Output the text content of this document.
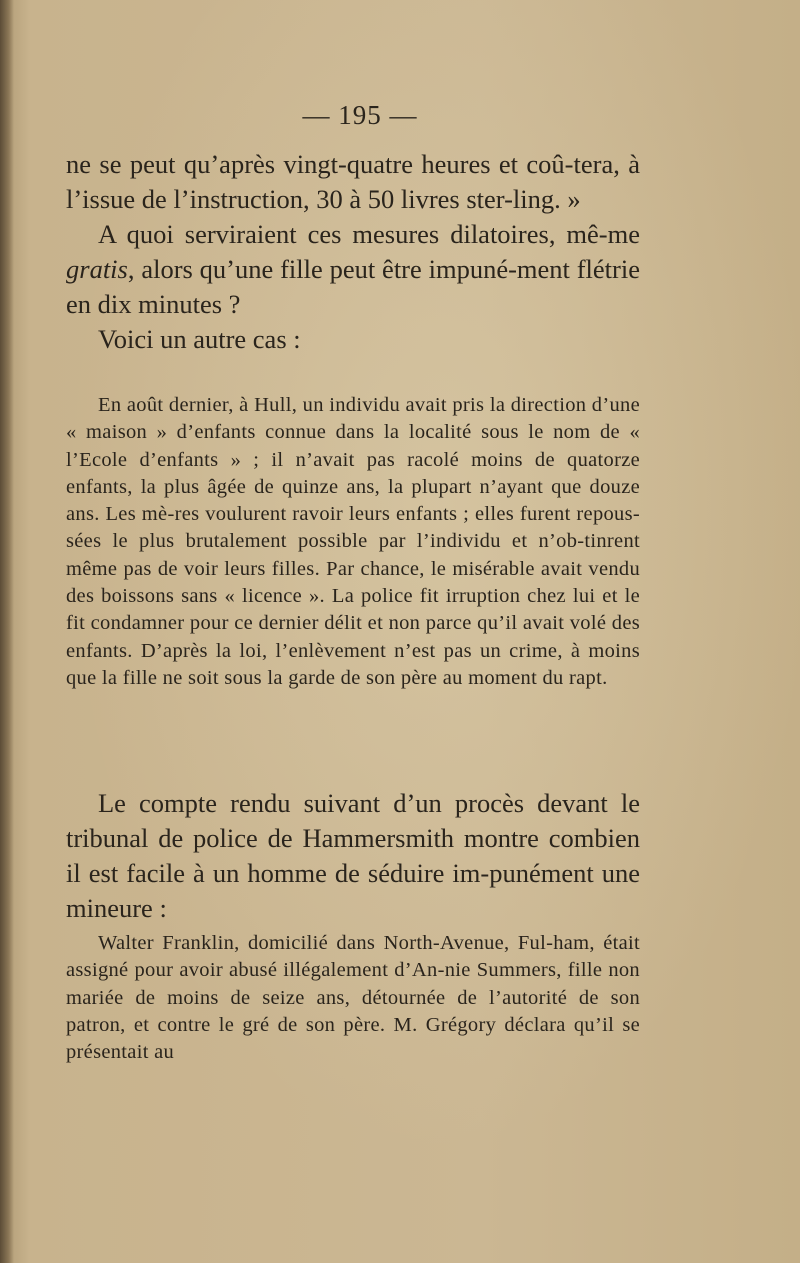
— 195 —

ne se peut qu’après vingt-quatre heures et coû-tera, à l’issue de l’instruction, 30 à 50 livres ster-ling. »

A quoi serviraient ces mesures dilatoires, mê-me gratis, alors qu’une fille peut être impuné-ment flétrie en dix minutes ?

Voici un autre cas :

En août dernier, à Hull, un individu avait pris la direction d’une « maison » d’enfants connue dans la localité sous le nom de « l’Ecole d’enfants » ; il n’avait pas racolé moins de quatorze enfants, la plus âgée de quinze ans, la plupart n’ayant que douze ans. Les mè-res voulurent ravoir leurs enfants ; elles furent repous-sées le plus brutalement possible par l’individu et n’ob-tinrent même pas de voir leurs filles. Par chance, le misérable avait vendu des boissons sans « licence ». La police fit irruption chez lui et le fit condamner pour ce dernier délit et non parce qu’il avait volé des enfants. D’après la loi, l’enlèvement n’est pas un crime, à moins que la fille ne soit sous la garde de son père au moment du rapt.

Le compte rendu suivant d’un procès devant le tribunal de police de Hammersmith montre combien il est facile à un homme de séduire im-punément une mineure :

Walter Franklin, domicilié dans North-Avenue, Ful-ham, était assigné pour avoir abusé illégalement d’An-nie Summers, fille non mariée de moins de seize ans, détournée de l’autorité de son patron, et contre le gré de son père. M. Grégory déclara qu’il se présentait au
